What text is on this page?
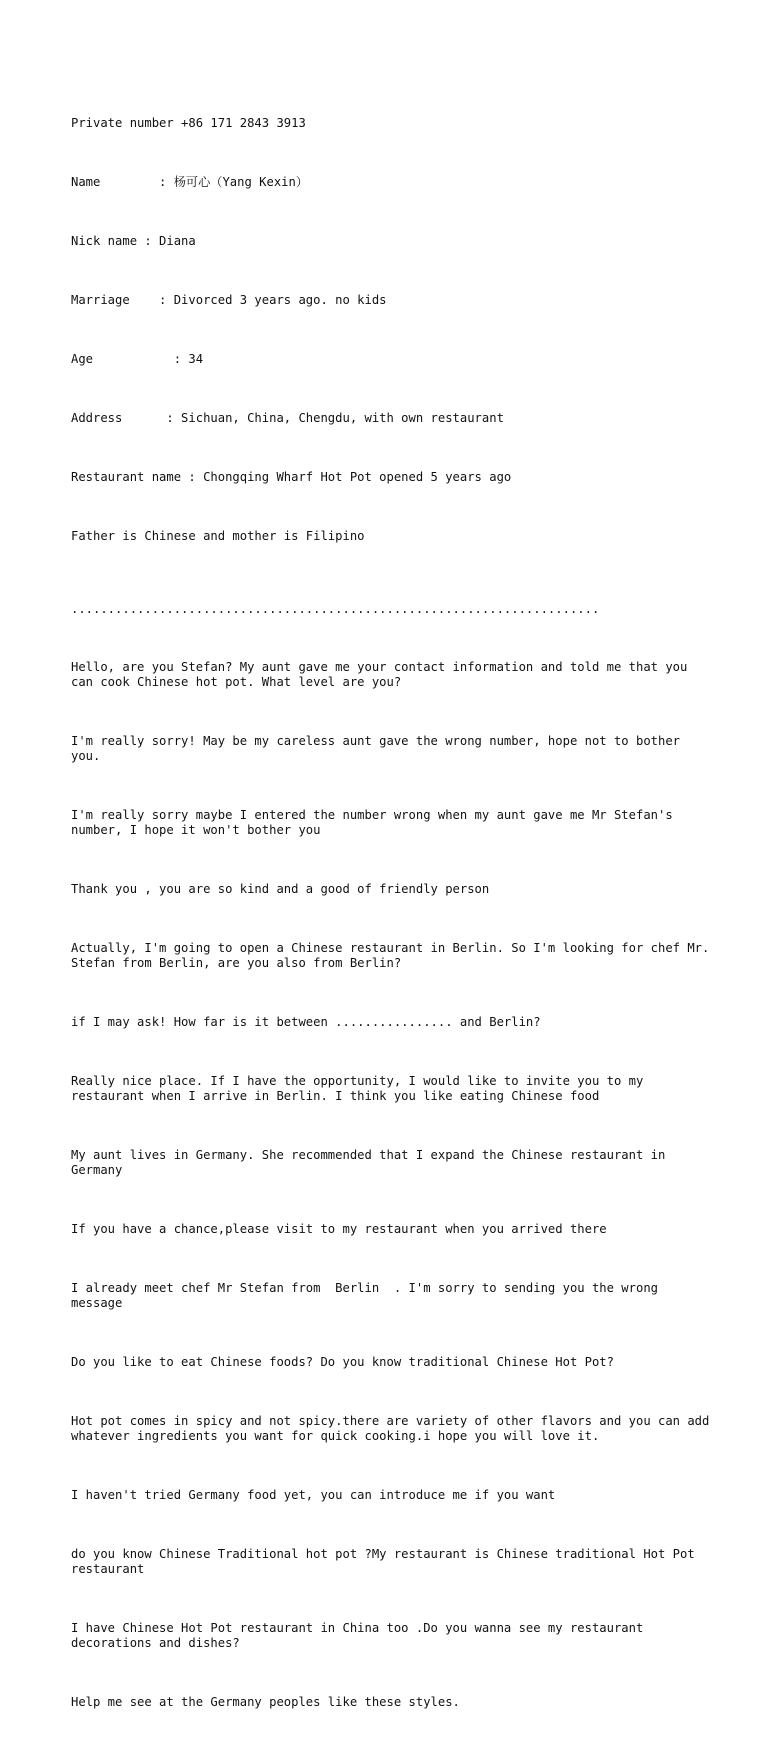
Private number +86 171 2843 3913

Name        : 杨可心（Yang Kexin）

Nick name : Diana

Marriage    : Divorced 3 years ago. no kids

Age           : 34

Address      : Sichuan, China, Chengdu, with own restaurant

Restaurant name : Chongqing Wharf Hot Pot opened 5 years ago

Father is Chinese and mother is Filipino

........................................................................

Hello, are you Stefan? My aunt gave me your contact information and told me that you can cook Chinese hot pot. What level are you?

I'm really sorry! May be my careless aunt gave the wrong number, hope not to bother you.

I'm really sorry maybe I entered the number wrong when my aunt gave me Mr Stefan's number, I hope it won't bother you

Thank you , you are so kind and a good of friendly person

Actually, I'm going to open a Chinese restaurant in Berlin. So I'm looking for chef Mr. Stefan from Berlin, are you also from Berlin?

if I may ask! How far is it between ................ and Berlin?

Really nice place. If I have the opportunity, I would like to invite you to my restaurant when I arrive in Berlin. I think you like eating Chinese food

My aunt lives in Germany. She recommended that I expand the Chinese restaurant in Germany

If you have a chance,please visit to my restaurant when you arrived there

I already meet chef Mr Stefan from  Berlin  . I'm sorry to sending you the wrong message

Do you like to eat Chinese foods? Do you know traditional Chinese Hot Pot?

Hot pot comes in spicy and not spicy.there are variety of other flavors and you can add whatever ingredients you want for quick cooking.i hope you will love it.

I haven't tried Germany food yet, you can introduce me if you want

do you know Chinese Traditional hot pot ?My restaurant is Chinese traditional Hot Pot restaurant

I have Chinese Hot Pot restaurant in China too .Do you wanna see my restaurant decorations and dishes?

Help me see at the Germany peoples like these styles.
